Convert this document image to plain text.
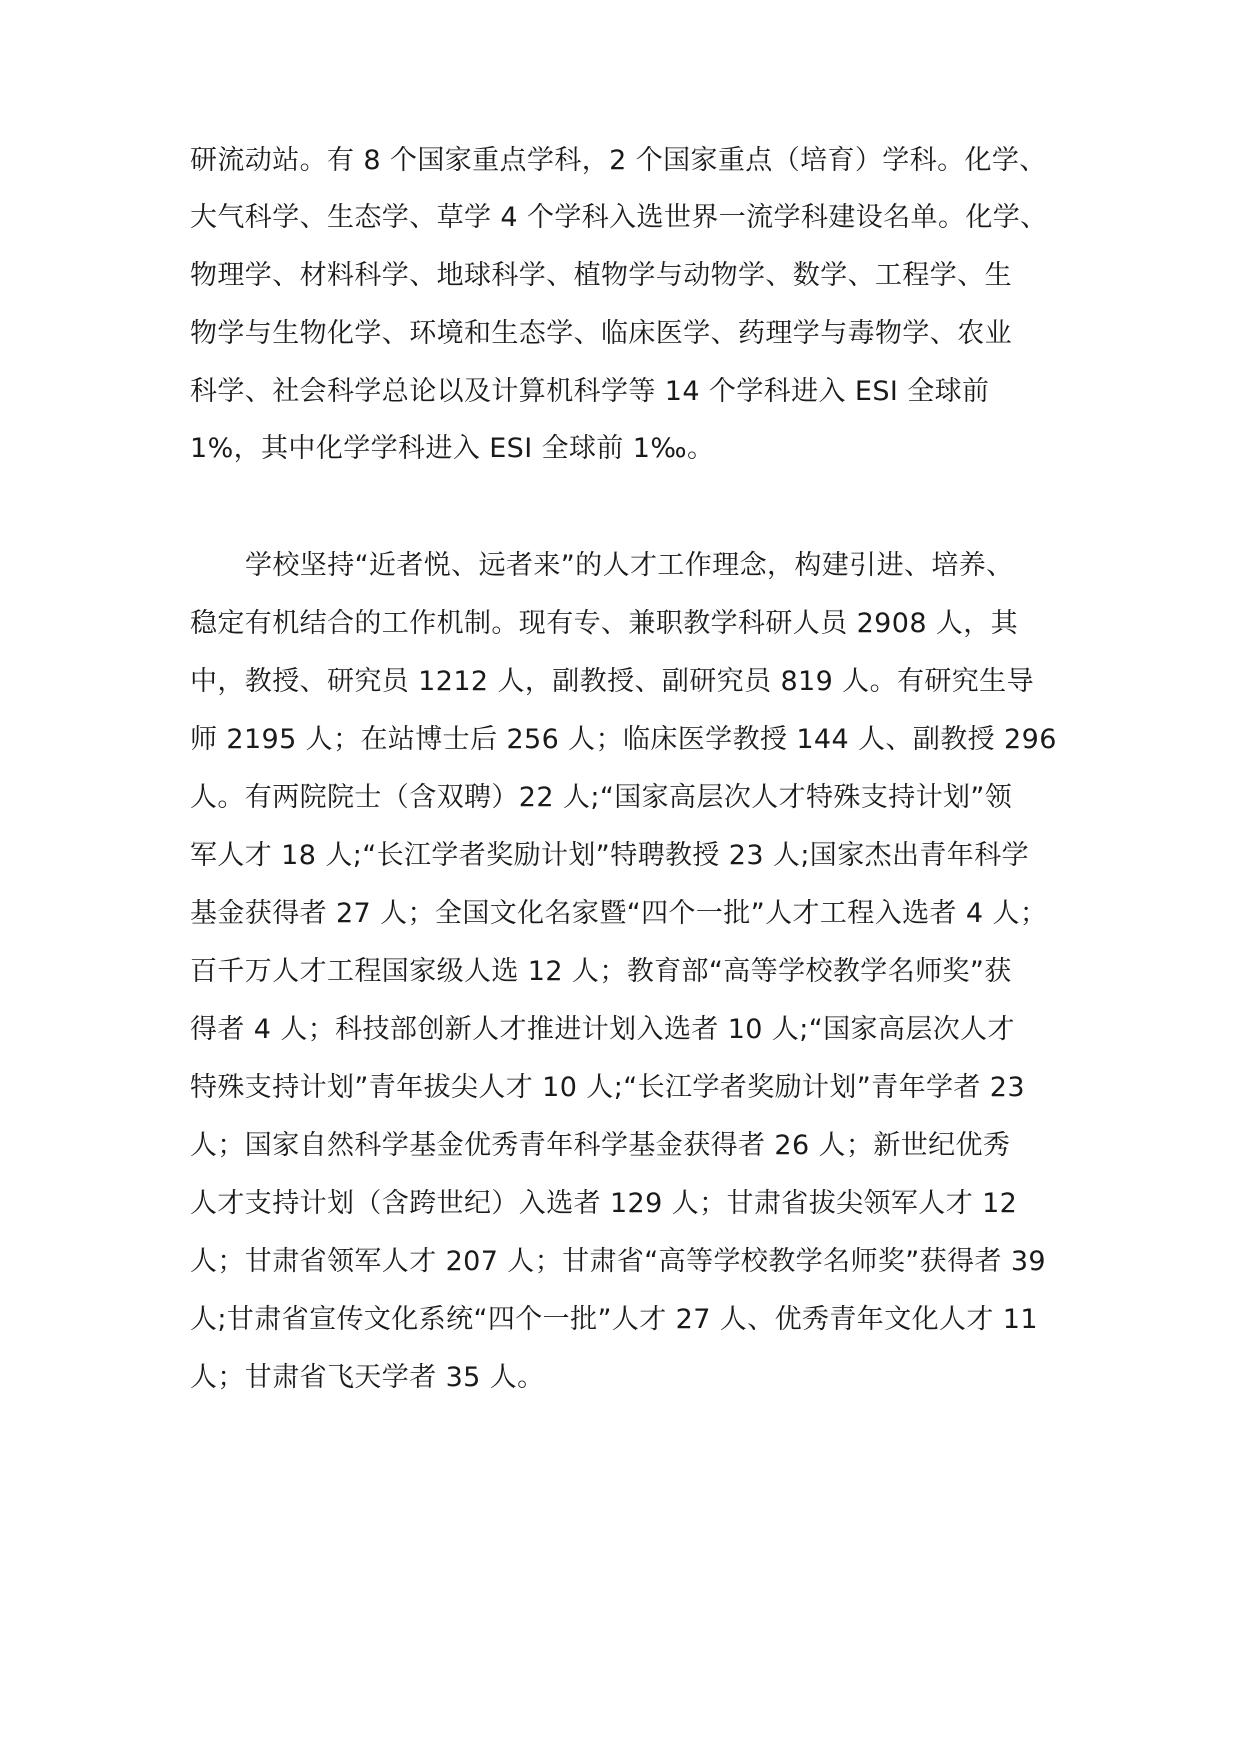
研流动站。有 8 个国家重点学科，2 个国家重点（培育）学科。化学、
大气科学、生态学、草学 4 个学科入选世界一流学科建设名单。化学、
物理学、材料科学、地球科学、植物学与动物学、数学、工程学、生
物学与生物化学、环境和生态学、临床医学、药理学与毒物学、农业
科学、社会科学总论以及计算机科学等 14 个学科进入 ESI 全球前
1%，其中化学学科进入 ESI 全球前 1‰。
学校坚持“近者悦、远者来”的人才工作理念，构建引进、培养、
稳定有机结合的工作机制。现有专、兼职教学科研人员 2908 人，其
中，教授、研究员 1212 人，副教授、副研究员 819 人。有研究生导
师 2195 人；在站博士后 256 人；临床医学教授 144 人、副教授 296
人。有两院院士（含双聘）22 人;“国家高层次人才特殊支持计划”领
军人才 18 人;“长江学者奖励计划”特聘教授 23 人;国家杰出青年科学
基金获得者 27 人；全国文化名家暨“四个一批”人才工程入选者 4 人；
百千万人才工程国家级人选 12 人；教育部“高等学校教学名师奖”获
得者 4 人；科技部创新人才推进计划入选者 10 人;“国家高层次人才
特殊支持计划”青年拔尖人才 10 人;“长江学者奖励计划”青年学者 23
人；国家自然科学基金优秀青年科学基金获得者 26 人；新世纪优秀
人才支持计划（含跨世纪）入选者 129 人；甘肃省拔尖领军人才 12
人；甘肃省领军人才 207 人；甘肃省“高等学校教学名师奖”获得者 39
人;甘肃省宣传文化系统“四个一批”人才 27 人、优秀青年文化人才 11
人；甘肃省飞天学者 35 人。
